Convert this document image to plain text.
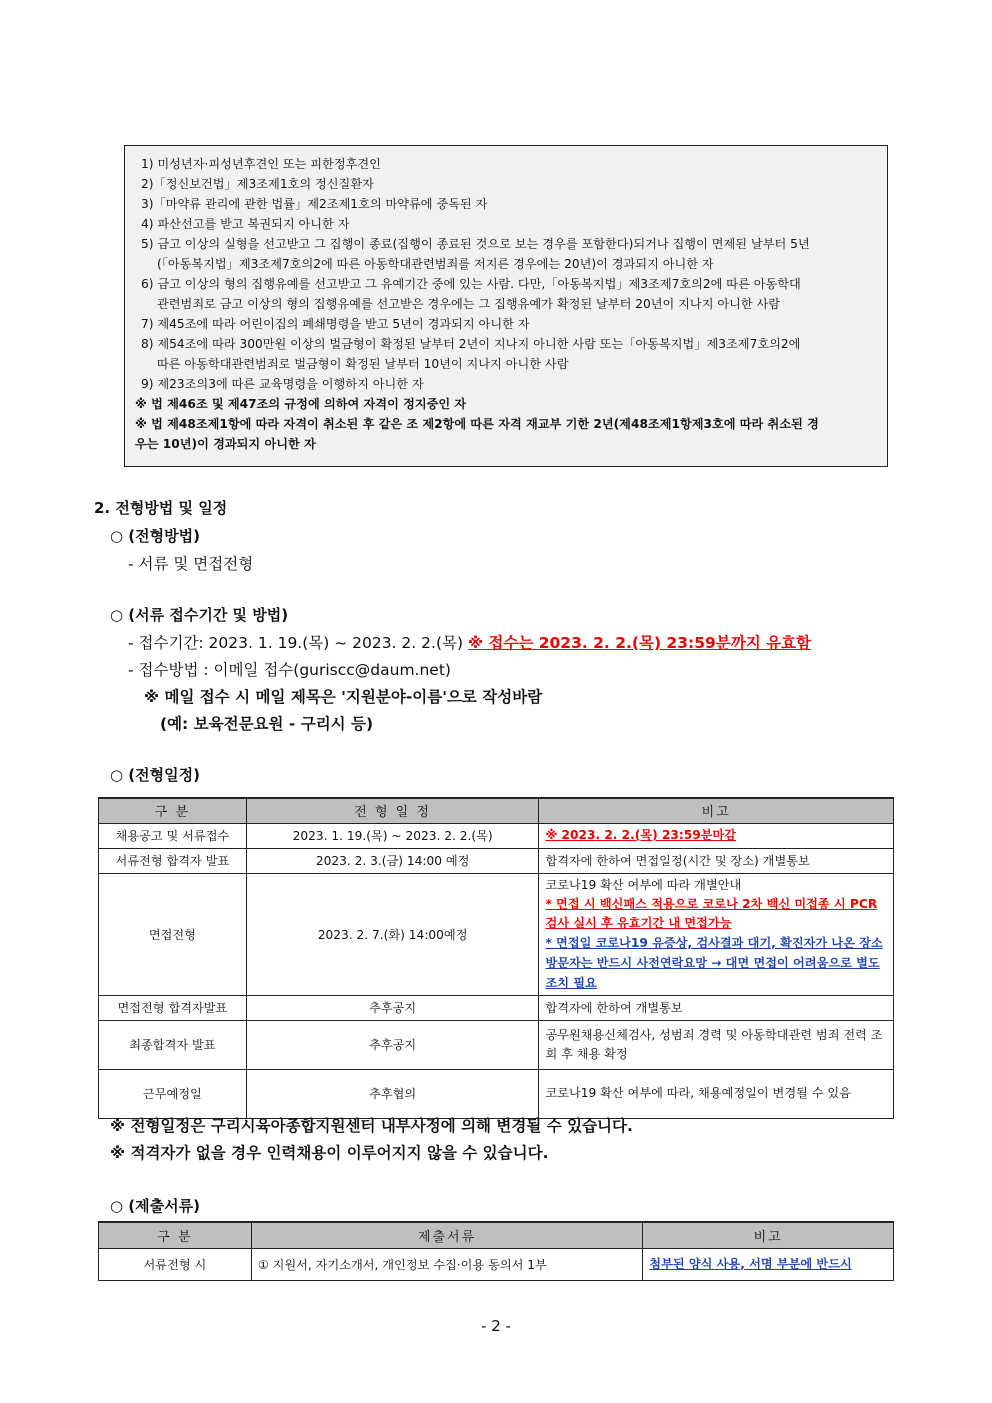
1) 미성년자·피성년후견인 또는 피한정후견인
2)「정신보건법」제3조제1호의 정신질환자
3)「마약류 관리에 관한 법률」제2조제1호의 마약류에 중독된 자
4) 파산선고를 받고 복권되지 아니한 자
5) 금고 이상의 실형을 선고받고 그 집행이 종료(집행이 종료된 것으로 보는 경우를 포함한다)되거나 집행이 면제된 날부터 5년
(「아동복지법」제3조제7호의2에 따른 아동학대관련범죄를 저지른 경우에는 20년)이 경과되지 아니한 자
6) 금고 이상의 형의 집행유예를 선고받고 그 유예기간 중에 있는 사람. 다만,「아동복지법」제3조제7호의2에 따른 아동학대
관련범죄로 금고 이상의 형의 집행유예를 선고받은 경우에는 그 집행유예가 확정된 날부터 20년이 지나지 아니한 사람
7) 제45조에 따라 어린이집의 폐쇄명령을 받고 5년이 경과되지 아니한 자
8) 제54조에 따라 300만원 이상의 벌금형이 확정된 날부터 2년이 지나지 아니한 사람 또는「아동복지법」제3조제7호의2에
따른 아동학대관련범죄로 벌금형이 확정된 날부터 10년이 지나지 아니한 사람
9) 제23조의3에 따른 교육명령을 이행하지 아니한 자
※ 법 제46조 및 제47조의 규정에 의하여 자격이 정지중인 자
※ 법 제48조제1항에 따라 자격이 취소된 후 같은 조 제2항에 따른 자격 재교부 기한 2년(제48조제1항제3호에 따라 취소된 경
우는 10년)이 경과되지 아니한 자
2. 전형방법 및 일정
○ (전형방법)
- 서류 및 면접전형
○ (서류 접수기간 및 방법)
- 접수기간: 2023. 1. 19.(목) ~ 2023. 2. 2.(목) ※ 접수는 2023. 2. 2.(목) 23:59분까지 유효함
- 접수방법 : 이메일 접수(guriscc@daum.net)
※ 메일 접수 시 메일 제목은 '지원분야-이름'으로 작성바람
(예: 보육전문요원 - 구리시 등)
○ (전형일정)
구 분	전 형 일 정	비고
채용공고 및 서류접수	2023. 1. 19.(목) ~ 2023. 2. 2.(목)	※ 2023. 2. 2.(목) 23:59분마감
서류전형 합격자 발표	2023. 2. 3.(금) 14:00 예정	합격자에 한하여 면접일정(시간 및 장소) 개별통보
면접전형	2023. 2. 7.(화) 14:00예정	코로나19 확산 여부에 따라 개별안내
* 면접 시 백신패스 적용으로 코로나 2차 백신 미접종 시 PCR검사 실시 후 유효기간 내 면접가능
* 면접일 코로나19 유증상, 검사결과 대기, 확진자가 나온 장소 방문자는 반드시 사전연락요망 → 대면 면접이 어려움으로 별도 조치 필요

면접전형 합격자발표	추후공지	합격자에 한하여 개별통보
최종합격자 발표	추후공지	공무원채용신체검사, 성범죄 경력 및 아동학대관련 범죄 전력 조회 후 채용 확정
근무예정일	추후협의	코로나19 확산 여부에 따라, 채용예정일이 변경될 수 있음
※ 전형일정은 구리시육아종합지원센터 내부사정에 의해 변경될 수 있습니다.
※ 적격자가 없을 경우 인력채용이 이루어지지 않을 수 있습니다.
○ (제출서류)
구 분	제출서류	비고
서류전형 시	① 지원서, 자기소개서, 개인정보 수집·이용 동의서 1부	첨부된 양식 사용, 서명 부분에 반드시
- 2 -
